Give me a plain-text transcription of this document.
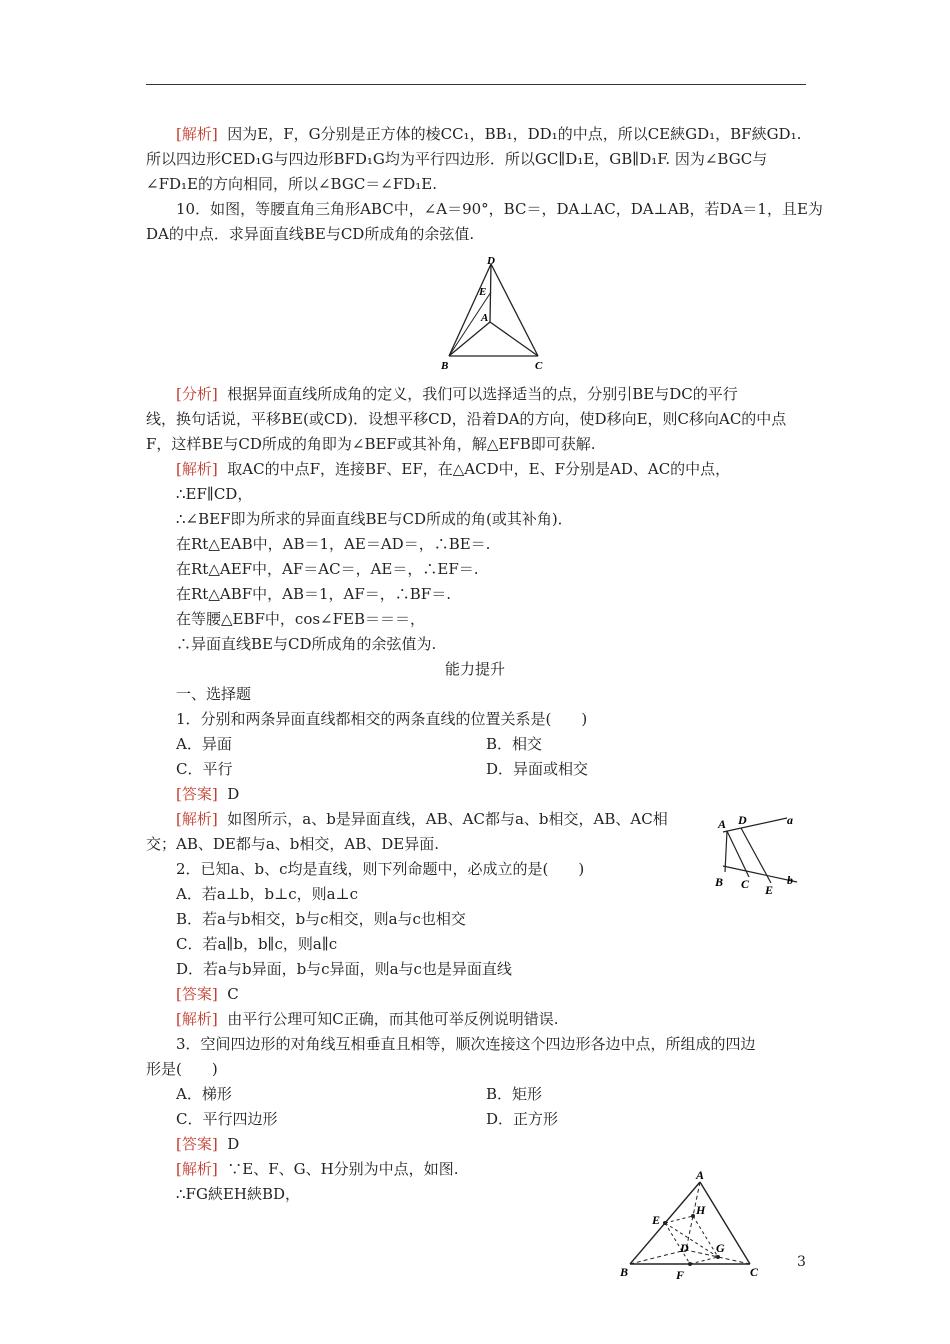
[解析] 因为E，F，G分别是正方体的棱CC₁，BB₁，DD₁的中点，所以CE綊GD₁，BF綊GD₁.
所以四边形CED₁G与四边形BFD₁G均为平行四边形．所以GC∥D₁E，GB∥D₁F. 因为∠BGC与
∠FD₁E的方向相同，所以∠BGC＝∠FD₁E.
10．如图，等腰直角三角形ABC中，∠A＝90°，BC＝，DA⊥AC，DA⊥AB，若DA＝1，且E为
DA的中点．求异面直线BE与CD所成角的余弦值.
D
E
A
B	C
[分析] 根据异面直线所成角的定义，我们可以选择适当的点，分别引BE与DC的平行
线，换句话说，平移BE(或CD)．设想平移CD，沿着DA的方向，使D移向E，则C移向AC的中点
F，这样BE与CD所成的角即为∠BEF或其补角，解△EFB即可获解.
[解析] 取AC的中点F，连接BF、EF，在△ACD中，E、F分别是AD、AC的中点，
∴EF∥CD，
∴∠BEF即为所求的异面直线BE与CD所成的角(或其补角)．
在Rt△EAB中，AB＝1，AE＝AD＝，∴BE＝.
在Rt△AEF中，AF＝AC＝，AE＝，∴EF＝.
在Rt△ABF中，AB＝1，AF＝，∴BF＝.
在等腰△EBF中，cos∠FEB＝＝＝，
∴异面直线BE与CD所成角的余弦值为.
能力提升
一、选择题
1．分别和两条异面直线都相交的两条直线的位置关系是(　　)
A．异面	B．相交
C．平行	D．异面或相交
[答案] D
[解析] 如图所示，a、b是异面直线，AB、AC都与a、b相交，AB、AC相
交；AB、DE都与a、b相交，AB、DE异面.
A D	a
B C E
b
2．已知a、b、c均是直线，则下列命题中，必成立的是(　　)
A．若a⊥b，b⊥c，则a⊥c
B．若a与b相交，b与c相交，则a与c也相交
C．若a∥b，b∥c，则a∥c
D．若a与b异面，b与c异面，则a与c也是异面直线
[答案] C
[解析] 由平行公理可知C正确，而其他可举反例说明错误.
3．空间四边形的对角线互相垂直且相等，顺次连接这个四边形各边中点，所组成的四边
形是(　　)
A．梯形	B．矩形
C．平行四边形	D．正方形
[答案] D
[解析] ∵E、F、G、H分别为中点，如图.
∴FG綊EH綊BD，
A
E
H
D G
B	F	C
3
